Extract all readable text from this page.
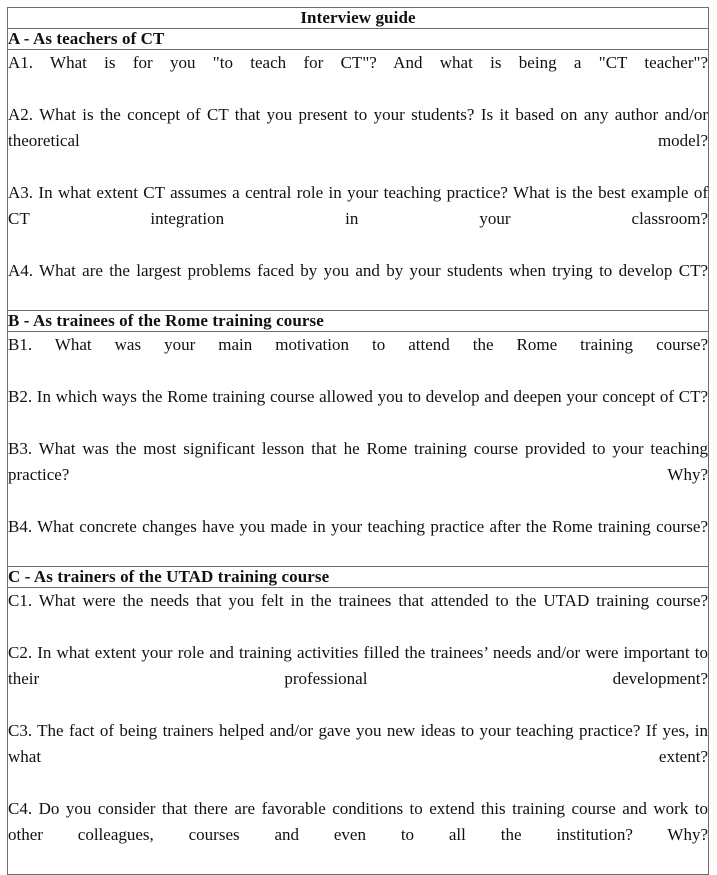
Interview guide
A - As teachers of CT

A1. What is for you "to teach for CT"? And what is being a "CT teacher"?

A2. What is the concept of CT that you present to your students? Is it based on any author and/or theoretical model?

A3. In what extent CT assumes a central role in your teaching practice? What is the best example of CT integration in your classroom?

A4. What are the largest problems faced by you and by your students when trying to develop CT?

B - As trainees of the Rome training course

B1. What was your main motivation to attend the Rome training course?

B2. In which ways the Rome training course allowed you to develop and deepen your concept of CT?

B3. What was the most significant lesson that he Rome training course provided to your teaching practice? Why?

B4. What concrete changes have you made in your teaching practice after the Rome training course?

C - As trainers of the UTAD training course

C1. What were the needs that you felt in the trainees that attended to the UTAD training course?

C2. In what extent your role and training activities filled the trainees’ needs and/or were important to their professional development?

C3. The fact of being trainers helped and/or gave you new ideas to your teaching practice? If yes, in what extent?

C4. Do you consider that there are favorable conditions to extend this training course and work to other colleagues, courses and even to all the institution? Why?
